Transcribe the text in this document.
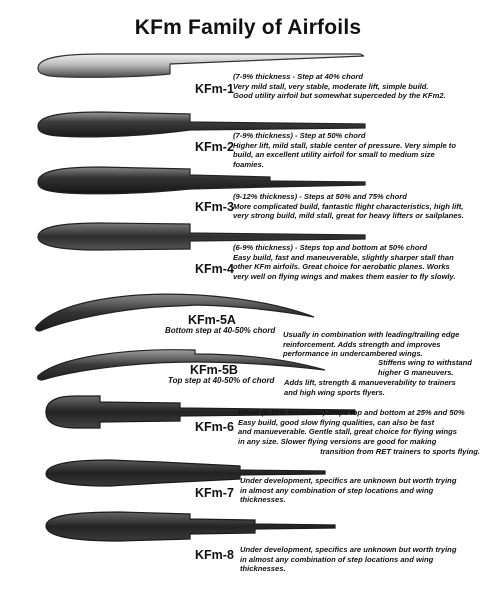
KFm Family of Airfoils
KFm-1
(7-9% thickness - Step at 40% chord
Very mild stall, very stable, moderate lift, simple build.
Good utility airfoil but somewhat superceded by the KFm2.
KFm-2
(7-9% thickness) - Step at 50% chord
Higher lift, mild stall, stable center of pressure. Very simple to
build, an excellent utility airfoil for small to medium size
foamies.
KFm-3
(9-12% thickness) - Steps at 50% and 75% chord
More complicated build, fantastic flight characteristics, high lift,
very strong build, mild stall, great for heavy lifters or sailplanes.
KFm-4
(6-9% thickness) - Steps top and bottom at 50% chord
Easy build, fast and maneuverable, slightly sharper stall than
other KFm airfoils. Great choice for aerobatic planes. Works
very well on flying wings and makes them easier to fly slowly.
KFm-5A
Bottom step at 40-50% chord Usually in combination with leading/trailing edge
reinforcement. Adds strength and improves
performance in undercambered wings.
KFm-5B
Top step at 40-50% of chord
Stiffens wing to withstand
higher G maneuvers.
Adds lift, strength & manueverability to trainers
and high wing sports flyers.
KFm-6
KFm6 (6-12% thickness) Steps top and bottom at 25% and 50%
Easy build, good slow flying qualities, can also be fast
and manueverable. Gentle stall, great choice for flying wings
in any size. Slower flying versions are good for making
transition from RET trainers to sports flying.
KFm-7
Under development, specifics are unknown but worth trying
in almost any combination of step locations and wing
thicknesses.
KFm-8 Under development, specifics are unknown but worth trying
in almost any combination of step locations and wing
thicknesses.
